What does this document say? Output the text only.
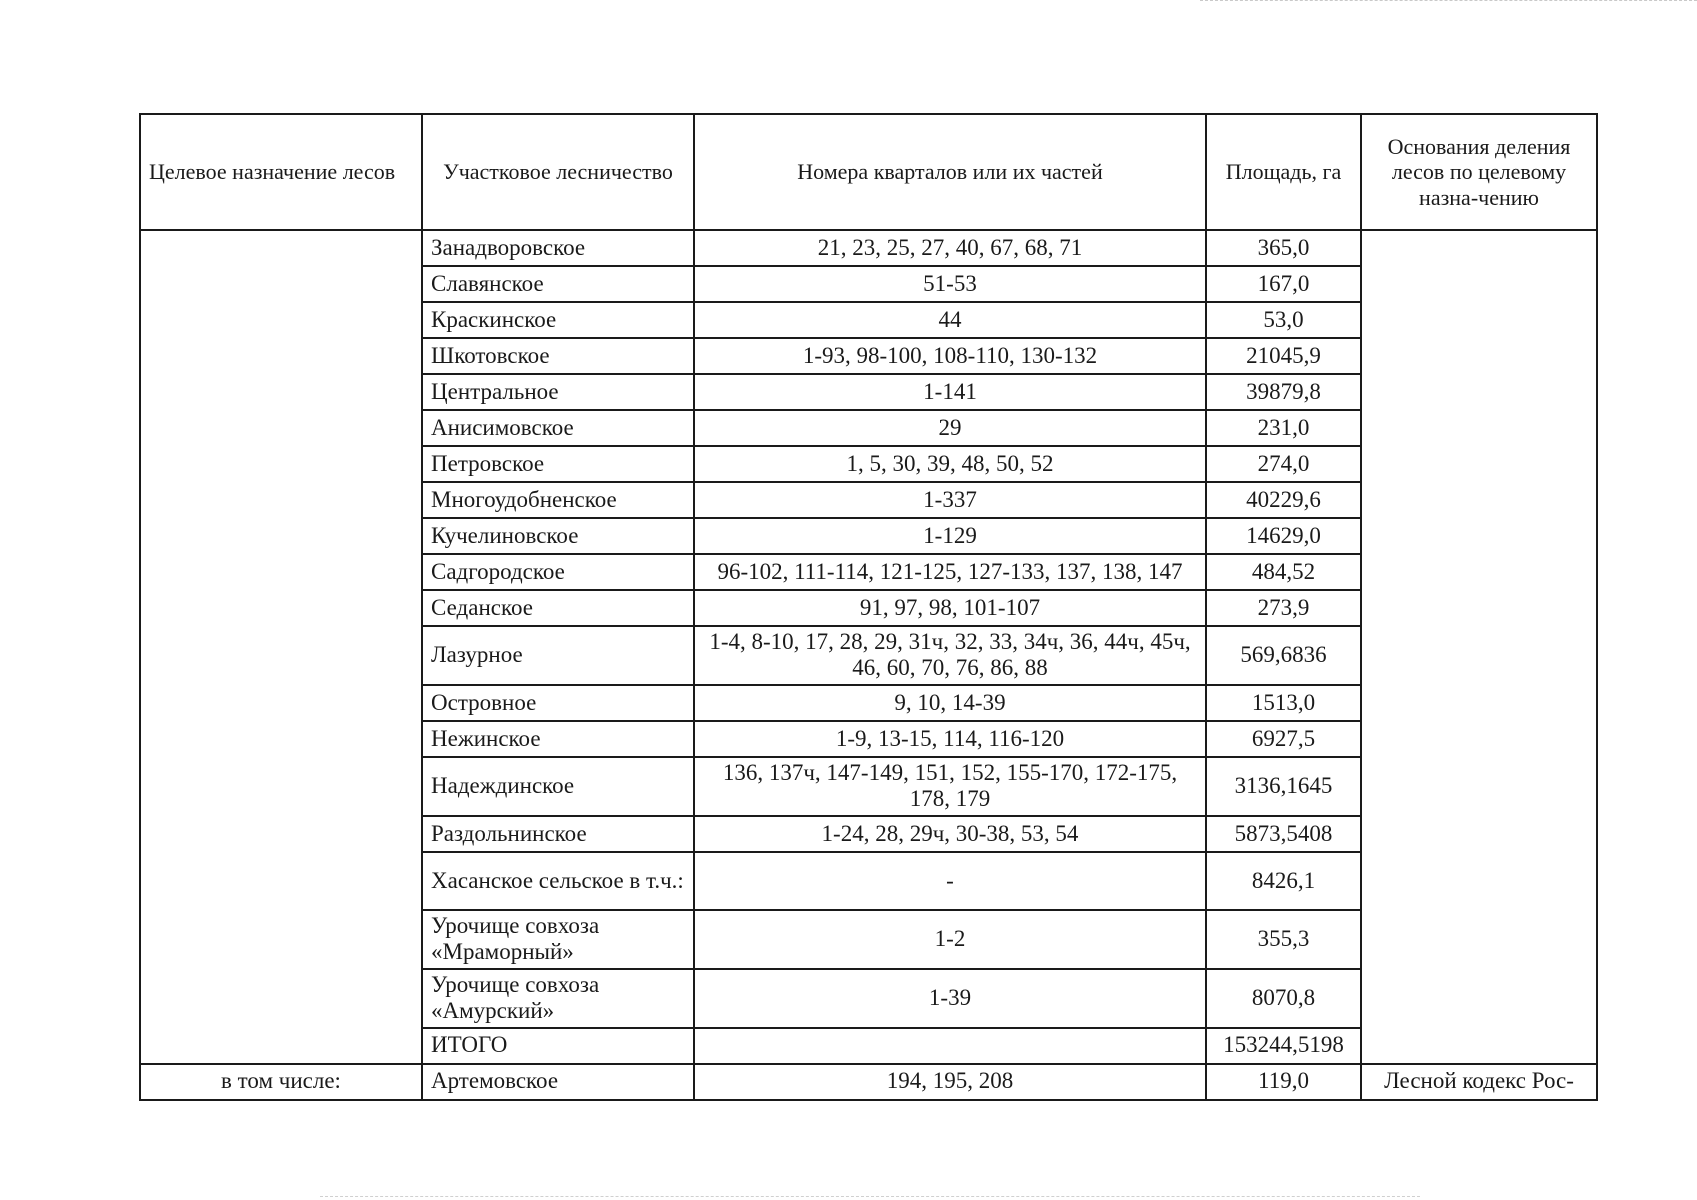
Целевое назначение лесов	Участковое лесничество	Номера кварталов или их частей	Площадь, га	Основания деления лесов по целевому назна-чению
	Занадворовское	21, 23, 25, 27, 40, 67, 68, 71	365,0	
	Славянское	51-53	167,0	
	Краскинское	44	53,0	
	Шкотовское	1-93, 98-100, 108-110, 130-132	21045,9	
	Центральное	1-141	39879,8	
	Анисимовское	29	231,0	
	Петровское	1, 5, 30, 39, 48, 50, 52	274,0	
	Многоудобненское	1-337	40229,6	
	Кучелиновское	1-129	14629,0	
	Садгородское	96-102, 111-114, 121-125, 127-133, 137, 138, 147	484,52	
	Седанское	91, 97, 98, 101-107	273,9	
	Лазурное	1-4, 8-10, 17, 28, 29, 31ч, 32, 33, 34ч, 36, 44ч, 45ч, 46, 60, 70, 76, 86, 88	569,6836	
	Островное	9, 10, 14-39	1513,0	
	Нежинское	1-9, 13-15, 114, 116-120	6927,5	
	Надеждинское	136, 137ч, 147-149, 151, 152, 155-170, 172-175, 178, 179	3136,1645	
	Раздольнинское	1-24, 28, 29ч, 30-38, 53, 54	5873,5408	
	Хасанское сельское в т.ч.:	-	8426,1	
	Урочище совхоза «Мраморный»	1-2	355,3	
	Урочище совхоза «Амурский»	1-39	8070,8	
	ИТОГО		153244,5198	
в том числе:	Артемовское	194, 195, 208	119,0	Лесной кодекс Рос-
